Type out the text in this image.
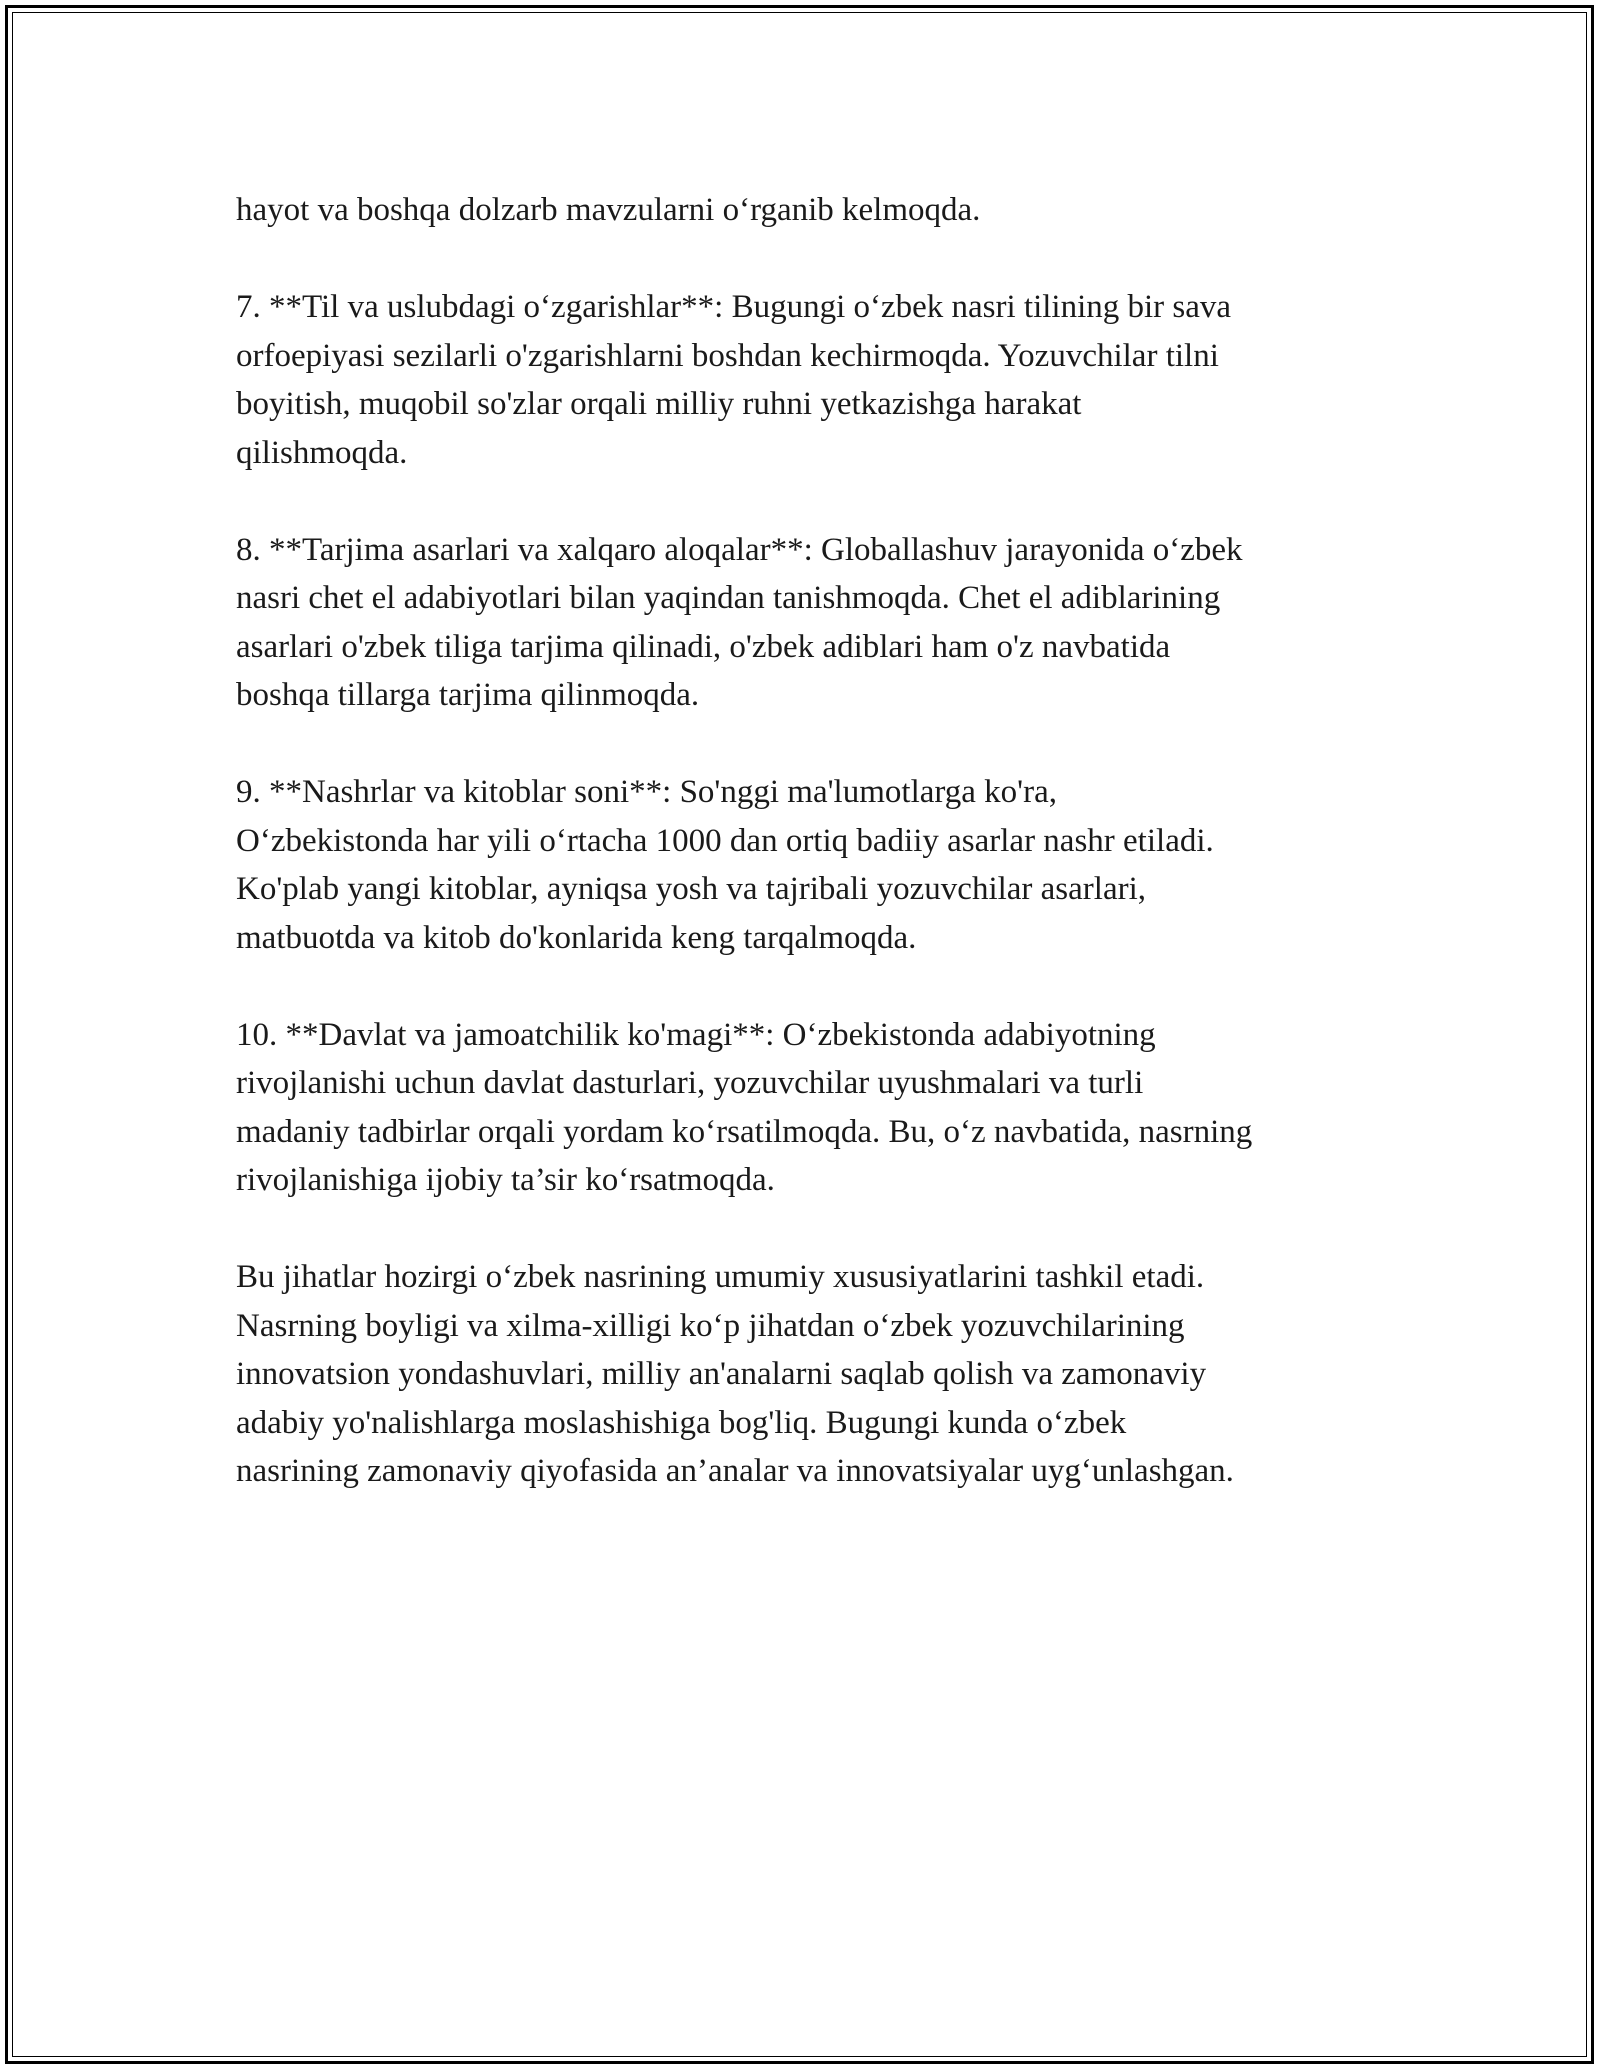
hayot va boshqa dolzarb mavzularni o‘rganib kelmoqda.

7. **Til va uslubdagi o‘zgarishlar**: Bugungi o‘zbek nasri tilining bir sava
orfoepiyasi sezilarli o'zgarishlarni boshdan kechirmoqda. Yozuvchilar tilni
boyitish, muqobil so'zlar orqali milliy ruhni yetkazishga harakat
qilishmoqda.

8. **Tarjima asarlari va xalqaro aloqalar**: Globallashuv jarayonida o‘zbek
nasri chet el adabiyotlari bilan yaqindan tanishmoqda. Chet el adiblarining
asarlari o'zbek tiliga tarjima qilinadi, o'zbek adiblari ham o'z navbatida
boshqa tillarga tarjima qilinmoqda.

9. **Nashrlar va kitoblar soni**: So'nggi ma'lumotlarga ko'ra,
O‘zbekistonda har yili o‘rtacha 1000 dan ortiq badiiy asarlar nashr etiladi.
Ko'plab yangi kitoblar, ayniqsa yosh va tajribali yozuvchilar asarlari,
matbuotda va kitob do'konlarida keng tarqalmoqda.

10. **Davlat va jamoatchilik ko'magi**: O‘zbekistonda adabiyotning
rivojlanishi uchun davlat dasturlari, yozuvchilar uyushmalari va turli
madaniy tadbirlar orqali yordam ko‘rsatilmoqda. Bu, o‘z navbatida, nasrning
rivojlanishiga ijobiy ta’sir ko‘rsatmoqda.

Bu jihatlar hozirgi o‘zbek nasrining umumiy xususiyatlarini tashkil etadi.
Nasrning boyligi va xilma-xilligi ko‘p jihatdan o‘zbek yozuvchilarining
innovatsion yondashuvlari, milliy an'analarni saqlab qolish va zamonaviy
adabiy yo'nalishlarga moslashishiga bog'liq. Bugungi kunda o‘zbek
nasrining zamonaviy qiyofasida an’analar va innovatsiyalar uyg‘unlashgan.
